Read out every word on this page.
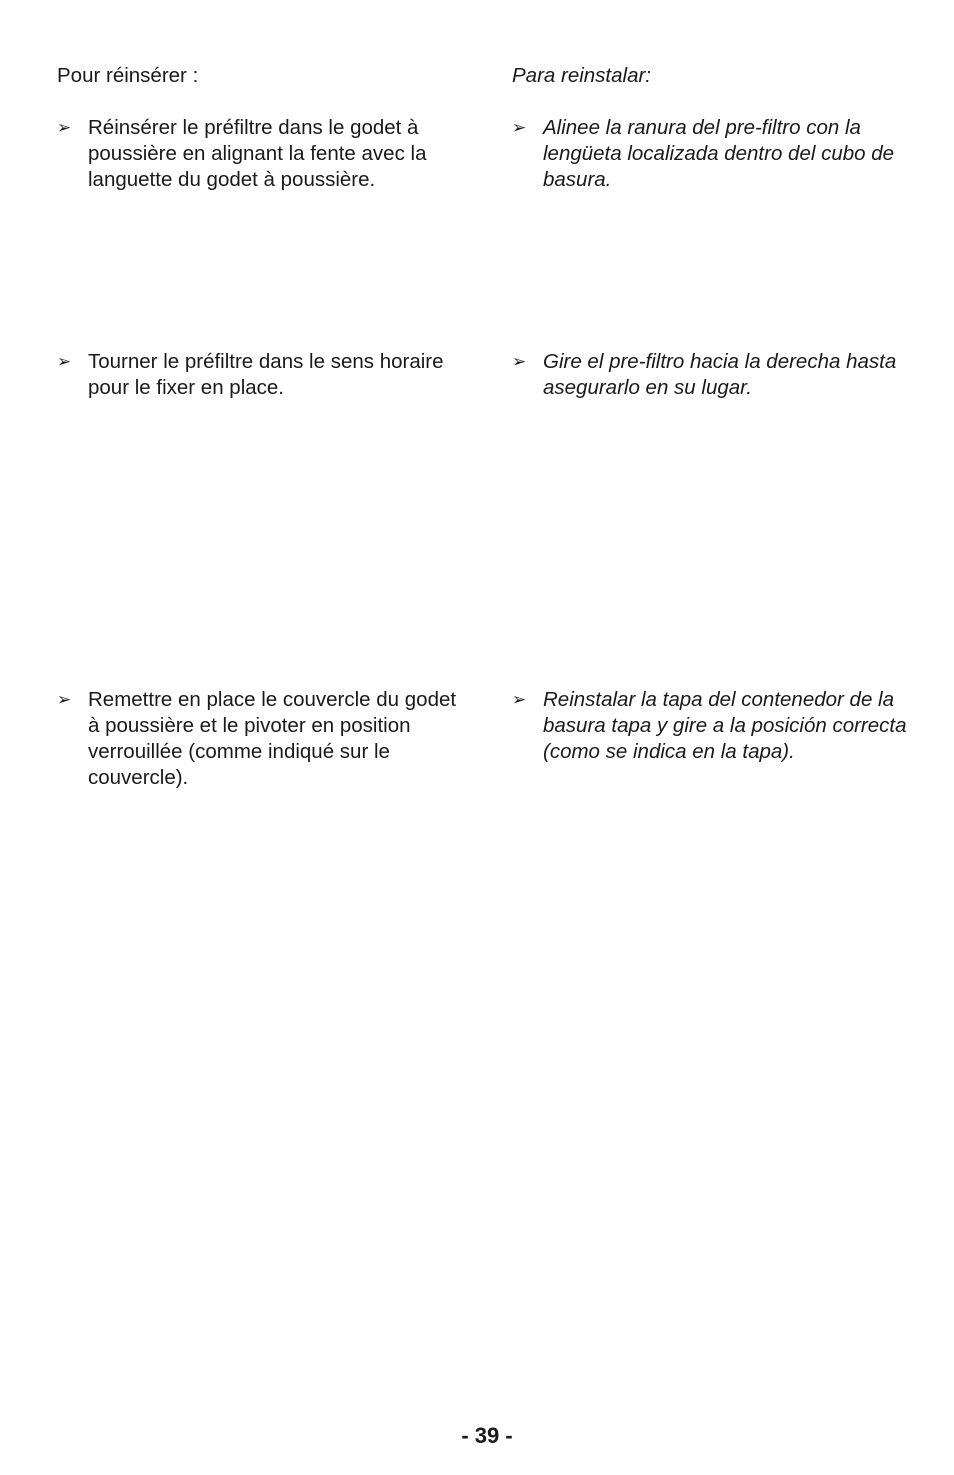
Pour réinsérer :	Para reinstalar:
➢ Réinsérer le préfiltre dans le godet à poussière en alignant la fente avec la languette du godet à poussière.
➢ Alinee la ranura del pre-filtro con la lengüeta localizada dentro del cubo de basura.
➢ Tourner le préfiltre dans le sens horaire pour le fixer en place.
➢ Gire el pre-filtro hacia la derecha hasta asegurarlo en su lugar.
➢ Remettre en place le couvercle du godet à poussière et le pivoter en position verrouillée (comme indiqué sur le couvercle).
➢ Reinstalar la tapa del contenedor de la basura tapa y gire a la posición correcta (como se indica en la tapa).
- 39 -
